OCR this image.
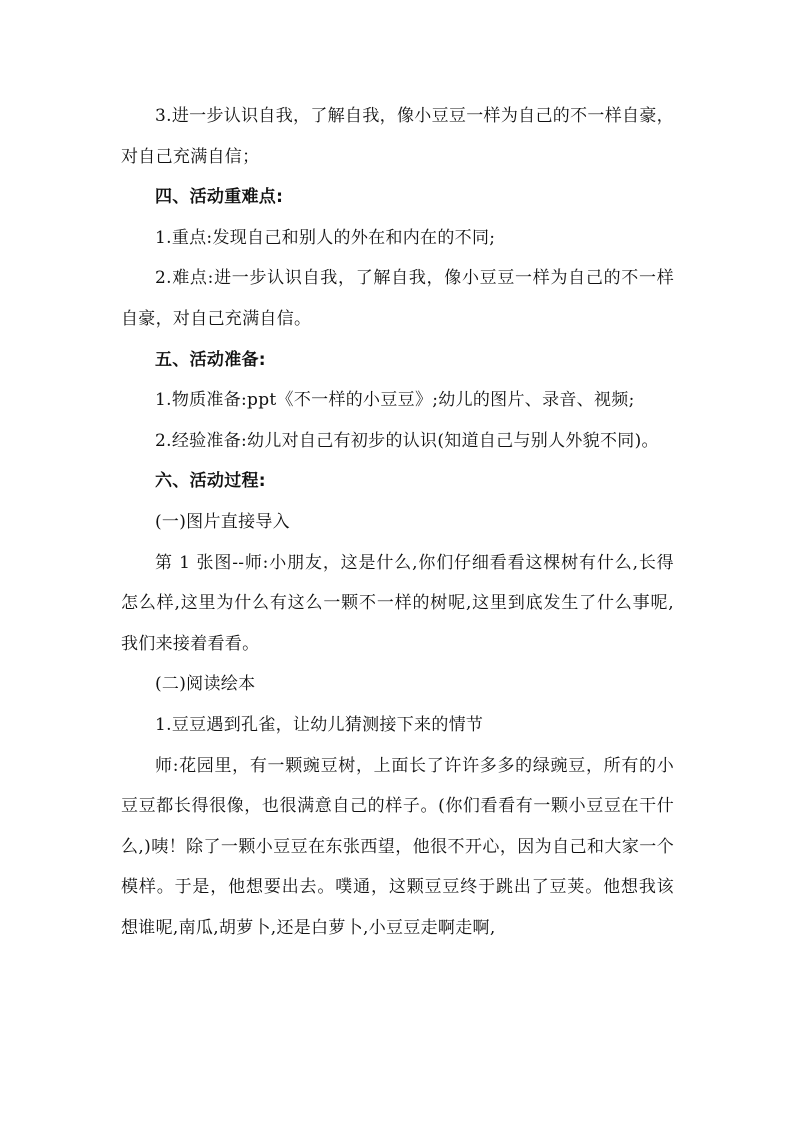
3.进一步认识自我，了解自我，像小豆豆一样为自己的不一样自豪，对自己充满自信；

四、活动重难点:

1.重点:发现自己和别人的外在和内在的不同;

2.难点:进一步认识自我，了解自我，像小豆豆一样为自己的不一样自豪，对自己充满自信。

五、活动准备:

1.物质准备:ppt《不一样的小豆豆》;幼儿的图片、录音、视频;

2.经验准备:幼儿对自己有初步的认识(知道自己与别人外貌不同)。

六、活动过程:

(一)图片直接导入

第 1 张图--师:小朋友，这是什么,你们仔细看看这棵树有什么,长得怎么样,这里为什么有这么一颗不一样的树呢,这里到底发生了什么事呢,我们来接着看看。

(二)阅读绘本

1.豆豆遇到孔雀，让幼儿猜测接下来的情节

师:花园里，有一颗豌豆树，上面长了许许多多的绿豌豆，所有的小豆豆都长得很像，也很满意自己的样子。(你们看看有一颗小豆豆在干什么,)咦！除了一颗小豆豆在东张西望，他很不开心，因为自己和大家一个模样。于是，他想要出去。噗通，这颗豆豆终于跳出了豆荚。他想我该想谁呢,南瓜,胡萝卜,还是白萝卜,小豆豆走啊走啊,
